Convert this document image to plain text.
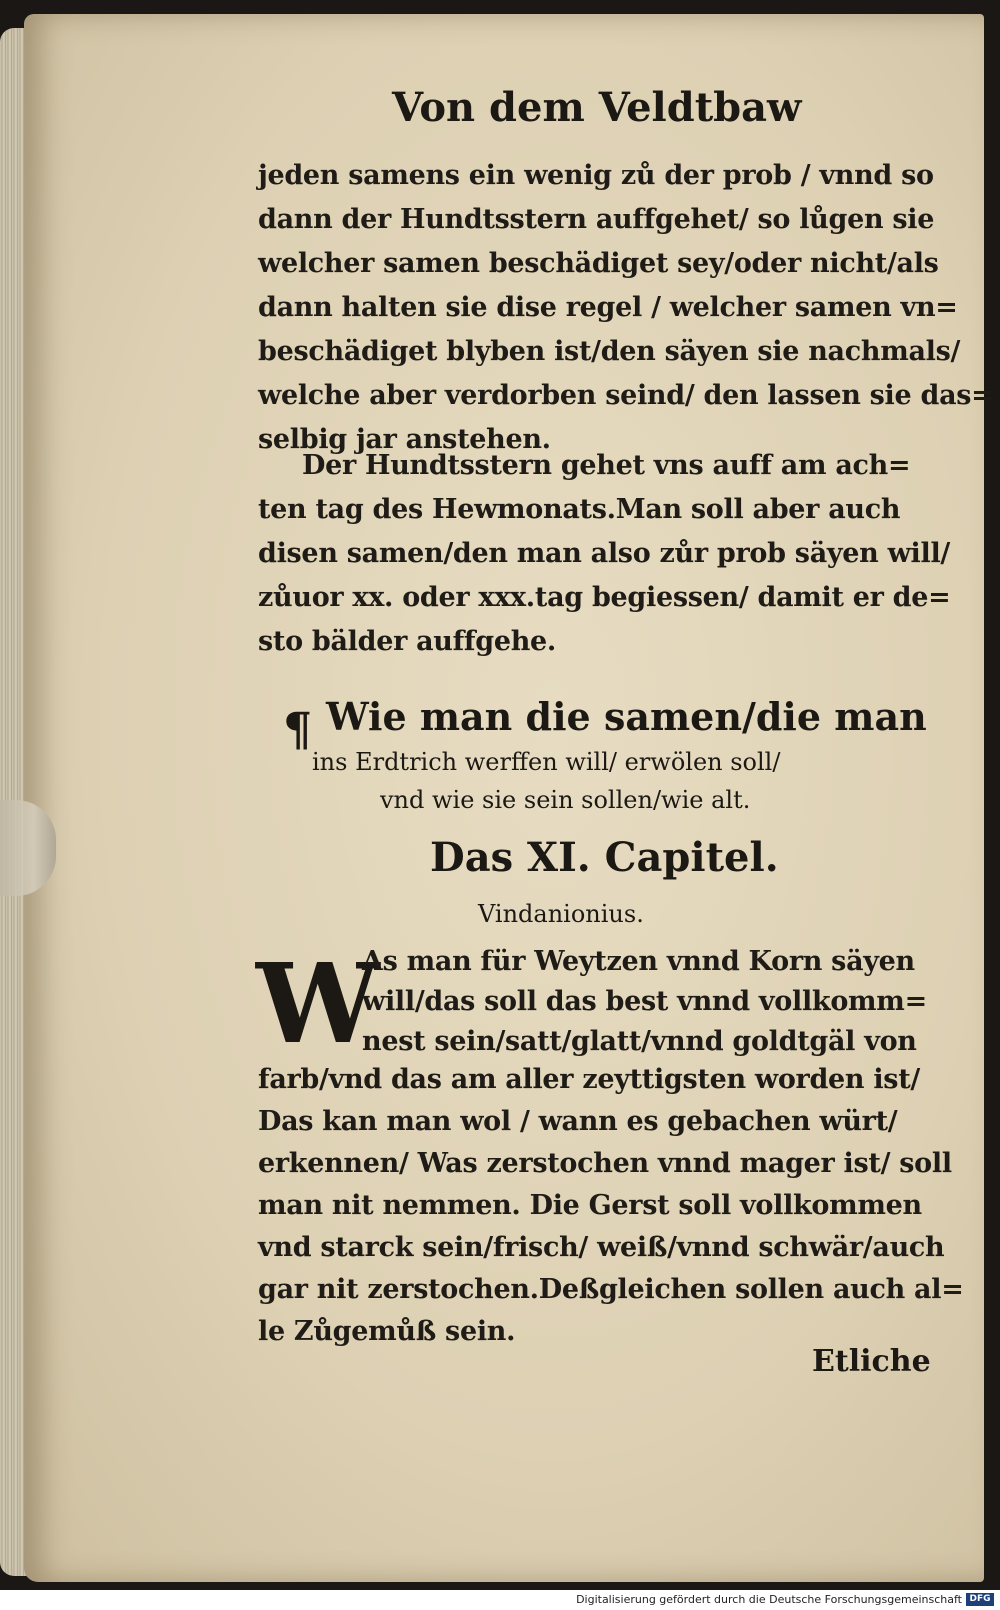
Von dem Veldtbaw
jeden samens ein wenig zů der prob / vnnd so
dann der Hundtsstern auffgehet/ so lůgen sie
welcher samen beschädiget sey/oder nicht/als
dann halten sie dise regel / welcher samen vn=
beschädiget blyben ist/den säyen sie nachmals/
welche aber verdorben seind/ den lassen sie das=
selbig jar anstehen.
Der Hundtsstern gehet vns auff am ach=
ten tag des Hewmonats.Man soll aber auch
disen samen/den man also zůr prob säyen will/
zůuor xx. oder xxx.tag begiessen/ damit er de=
sto bälder auffgehe.
¶ Wie man die samen/die man
ins Erdtrich werffen will/ erwölen soll/
vnd wie sie sein sollen/wie alt.
Das XI. Capitel.
Vindanionius.
W
As man für Weytzen vnnd Korn säyen
will/das soll das best vnnd vollkomm=
nest sein/satt/glatt/vnnd goldtgäl von
farb/vnd das am aller zeyttigsten worden ist/
Das kan man wol / wann es gebachen würt/
erkennen/ Was zerstochen vnnd mager ist/ soll
man nit nemmen. Die Gerst soll vollkommen
vnd starck sein/frisch/ weiß/vnnd schwär/auch
gar nit zerstochen.Deßgleichen sollen auch al=
le Zůgemůß sein.
Etliche
Digitalisierung gefördert durch die Deutsche Forschungsgemeinschaft DFG
